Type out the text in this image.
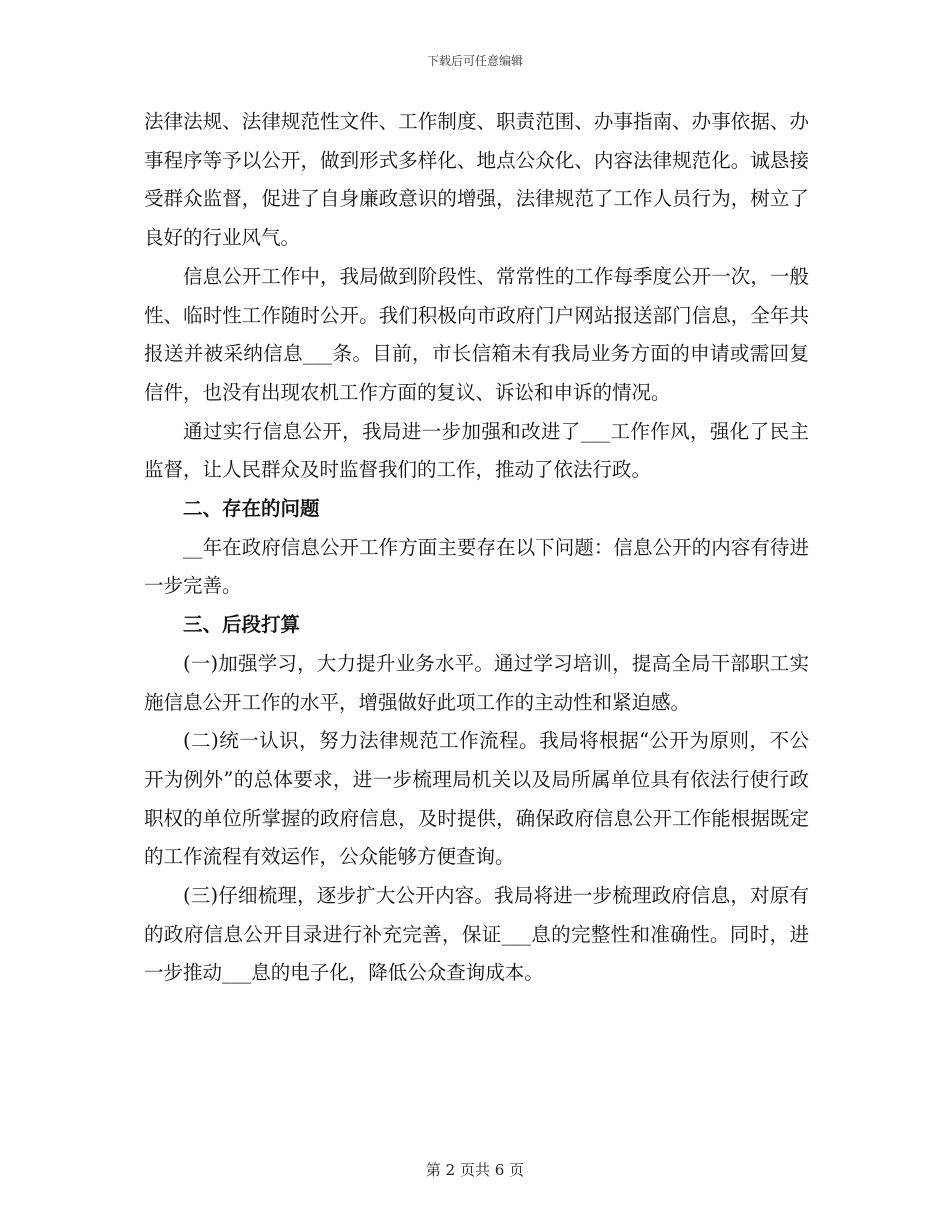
下载后可任意编辑

法律法规、法律规范性文件、工作制度、职责范围、办事指南、办事依据、办事程序等予以公开，做到形式多样化、地点公众化、内容法律规范化。诚恳接受群众监督，促进了自身廉政意识的增强，法律规范了工作人员行为，树立了良好的行业风气。

信息公开工作中，我局做到阶段性、常常性的工作每季度公开一次，一般性、临时性工作随时公开。我们积极向市政府门户网站报送部门信息，全年共报送并被采纳信息___条。目前，市长信箱未有我局业务方面的申请或需回复信件，也没有出现农机工作方面的复议、诉讼和申诉的情况。

通过实行信息公开，我局进一步加强和改进了___工作作风，强化了民主监督，让人民群众及时监督我们的工作，推动了依法行政。

二、存在的问题

__年在政府信息公开工作方面主要存在以下问题：信息公开的内容有待进一步完善。

三、后段打算

(一)加强学习，大力提升业务水平。通过学习培训，提高全局干部职工实施信息公开工作的水平，增强做好此项工作的主动性和紧迫感。

(二)统一认识，努力法律规范工作流程。我局将根据“公开为原则，不公开为例外”的总体要求，进一步梳理局机关以及局所属单位具有依法行使行政职权的单位所掌握的政府信息，及时提供，确保政府信息公开工作能根据既定的工作流程有效运作，公众能够方便查询。

(三)仔细梳理，逐步扩大公开内容。我局将进一步梳理政府信息，对原有的政府信息公开目录进行补充完善，保证___息的完整性和准确性。同时，进一步推动___息的电子化，降低公众查询成本。

第 2 页共 6 页
